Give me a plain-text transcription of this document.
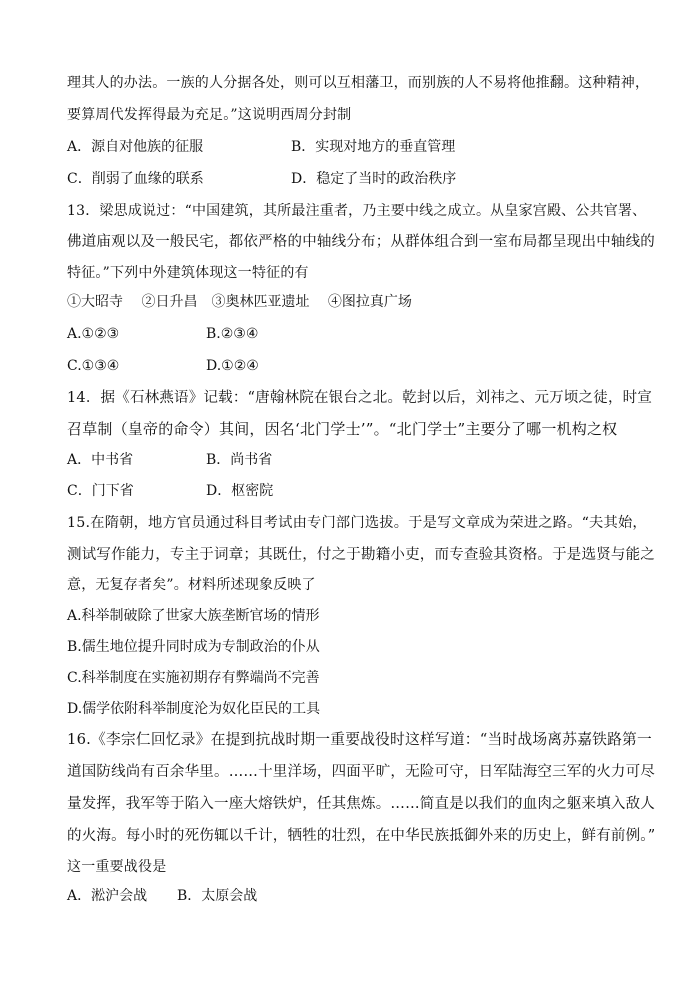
理其人的办法。一族的人分据各处，则可以互相藩卫，而别族的人不易将他推翻。这种精神，
要算周代发挥得最为充足。”这说明西周分封制
A．源自对他族的征服	B．实现对地方的垂直管理
C．削弱了血缘的联系	D．稳定了当时的政治秩序
13．梁思成说过：“中国建筑，其所最注重者，乃主要中线之成立。从皇家宫殿、公共官署、
佛道庙观以及一般民宅，都依严格的中轴线分布；从群体组合到一室布局都呈现出中轴线的
特征。”下列中外建筑体现这一特征的有
①大昭寺　 ②日升昌　③奥林匹亚遗址　 ④图拉真广场
A.①②③	B.②③④
C.①③④	D.①②④
14．据《石林燕语》记载：“唐翰林院在银台之北。乾封以后，刘祎之、元万顷之徒，时宣
召草制（皇帝的命令）其间，因名‘北门学士’”。“北门学士”主要分了哪一机构之权
A．中书省	B．尚书省
C．门下省	D．枢密院
15.在隋朝，地方官员通过科目考试由专门部门选拔。于是写文章成为荣进之路。“夫其始，
测试写作能力，专主于词章；其既仕，付之于勘籍小吏，而专查验其资格。于是选贤与能之
意，无复存者矣”。材料所述现象反映了
A.科举制破除了世家大族垄断官场的情形
B.儒生地位提升同时成为专制政治的仆从
C.科举制度在实施初期存有弊端尚不完善
D.儒学依附科举制度沦为奴化臣民的工具
16.《李宗仁回忆录》在提到抗战时期一重要战役时这样写道：“当时战场离苏嘉铁路第一
道国防线尚有百余华里。……十里洋场，四面平旷，无险可守，日军陆海空三军的火力可尽
量发挥，我军等于陷入一座大熔铁炉，任其焦炼。……简直是以我们的血肉之躯来填入敌人
的火海。每小时的死伤辄以千计，牺牲的壮烈，在中华民族抵御外来的历史上，鲜有前例。”
这一重要战役是
A．淞沪会战 B．太原会战
